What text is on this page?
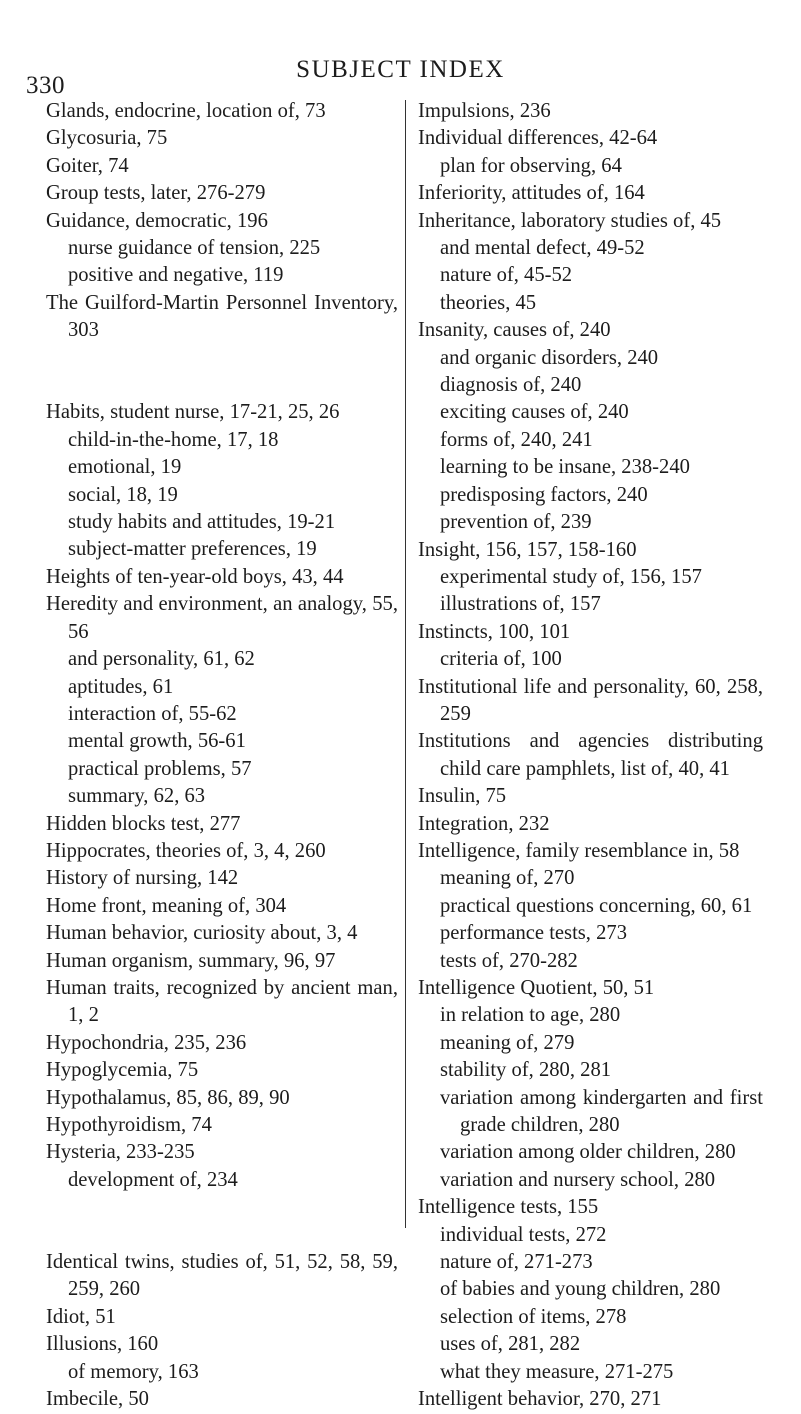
330
SUBJECT INDEX
Glands, endocrine, location of, 73
Glycosuria, 75
Goiter, 74
Group tests, later, 276-279
Guidance, democratic, 196
nurse guidance of tension, 225
positive and negative, 119
The Guilford-Martin Personnel Inventory, 303
Habits, student nurse, 17-21, 25, 26
child-in-the-home, 17, 18
emotional, 19
social, 18, 19
study habits and attitudes, 19-21
subject-matter preferences, 19
Heights of ten-year-old boys, 43, 44
Heredity and environment, an analogy, 55, 56
and personality, 61, 62
aptitudes, 61
interaction of, 55-62
mental growth, 56-61
practical problems, 57
summary, 62, 63
Hidden blocks test, 277
Hippocrates, theories of, 3, 4, 260
History of nursing, 142
Home front, meaning of, 304
Human behavior, curiosity about, 3, 4
Human organism, summary, 96, 97
Human traits, recognized by ancient man, 1, 2
Hypochondria, 235, 236
Hypoglycemia, 75
Hypothalamus, 85, 86, 89, 90
Hypothyroidism, 74
Hysteria, 233-235
development of, 234
Identical twins, studies of, 51, 52, 58, 59, 259, 260
Idiot, 51
Illusions, 160
of memory, 163
Imbecile, 50
Impulsions, 236
Individual differences, 42-64
plan for observing, 64
Inferiority, attitudes of, 164
Inheritance, laboratory studies of, 45
and mental defect, 49-52
nature of, 45-52
theories, 45
Insanity, causes of, 240
and organic disorders, 240
diagnosis of, 240
exciting causes of, 240
forms of, 240, 241
learning to be insane, 238-240
predisposing factors, 240
prevention of, 239
Insight, 156, 157, 158-160
experimental study of, 156, 157
illustrations of, 157
Instincts, 100, 101
criteria of, 100
Institutional life and personality, 60, 258, 259
Institutions and agencies distributing child care pamphlets, list of, 40, 41
Insulin, 75
Integration, 232
Intelligence, family resemblance in, 58
meaning of, 270
practical questions concerning, 60, 61
performance tests, 273
tests of, 270-282
Intelligence Quotient, 50, 51
in relation to age, 280
meaning of, 279
stability of, 280, 281
variation among kindergarten and first grade children, 280
variation among older children, 280
variation and nursery school, 280
Intelligence tests, 155
individual tests, 272
nature of, 271-273
of babies and young children, 280
selection of items, 278
uses of, 281, 282
what they measure, 271-275
Intelligent behavior, 270, 271
